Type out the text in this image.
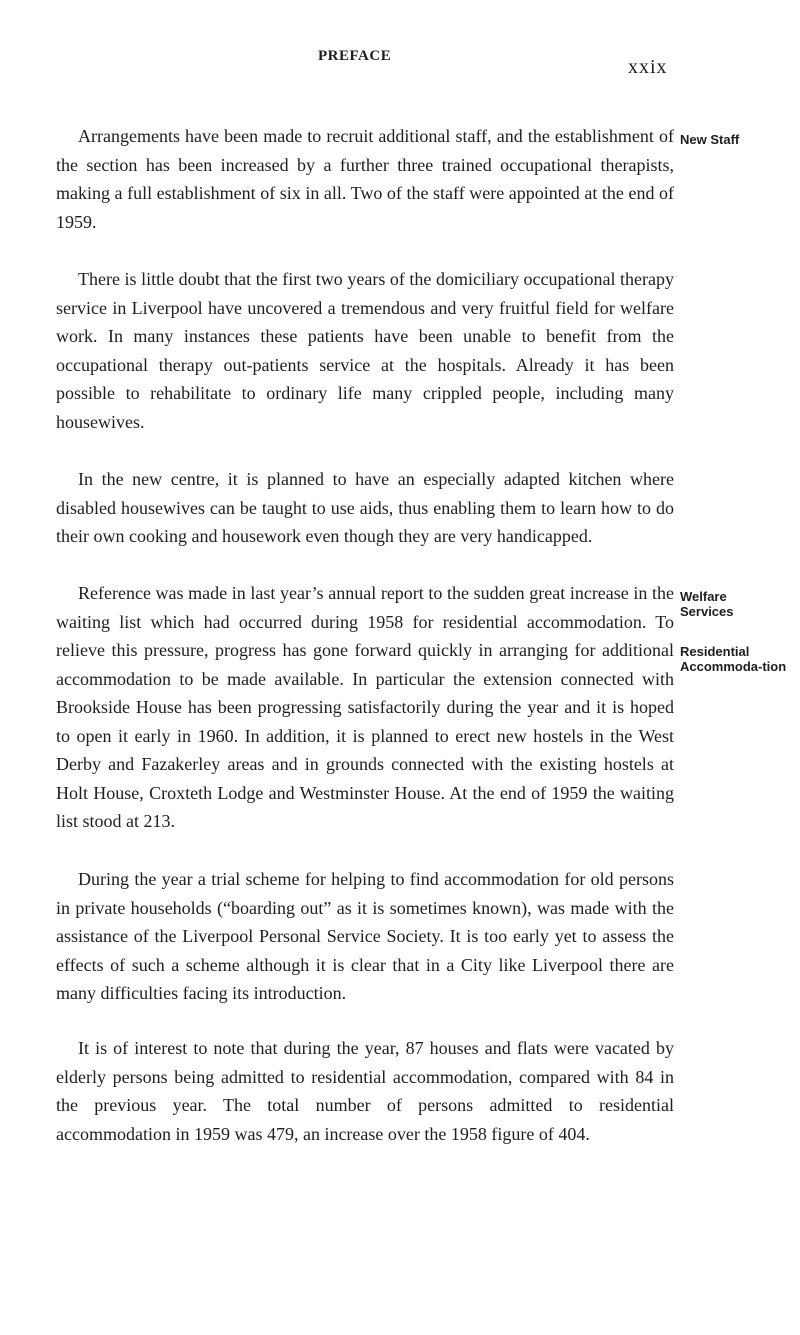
PREFACE	xxix

Arrangements have been made to recruit additional staff, and the establishment of the section has been increased by a further three trained occupational therapists, making a full establishment of six in all. Two of the staff were appointed at the end of 1959.

There is little doubt that the first two years of the domiciliary occupational therapy service in Liverpool have uncovered a tremendous and very fruitful field for welfare work. In many instances these patients have been unable to benefit from the occupational therapy out-patients service at the hospitals. Already it has been possible to rehabilitate to ordinary life many crippled people, including many housewives.

In the new centre, it is planned to have an especially adapted kitchen where disabled housewives can be taught to use aids, thus enabling them to learn how to do their own cooking and housework even though they are very handicapped.

Reference was made in last year’s annual report to the sudden great increase in the waiting list which had occurred during 1958 for residential accommodation. To relieve this pressure, progress has gone forward quickly in arranging for additional accommodation to be made available. In particular the extension connected with Brookside House has been progressing satisfactorily during the year and it is hoped to open it early in 1960. In addition, it is planned to erect new hostels in the West Derby and Fazakerley areas and in grounds connected with the existing hostels at Holt House, Croxteth Lodge and Westminster House. At the end of 1959 the waiting list stood at 213.

During the year a trial scheme for helping to find accommodation for old persons in private households (“boarding out” as it is sometimes known), was made with the assistance of the Liverpool Personal Service Society. It is too early yet to assess the effects of such a scheme although it is clear that in a City like Liverpool there are many difficulties facing its introduction.

It is of interest to note that during the year, 87 houses and flats were vacated by elderly persons being admitted to residential accommodation, compared with 84 in the previous year. The total number of persons admitted to residential accommodation in 1959 was 479, an increase over the 1958 figure of 404.

New Staff

Welfare Services

Residential Accommoda-tion
